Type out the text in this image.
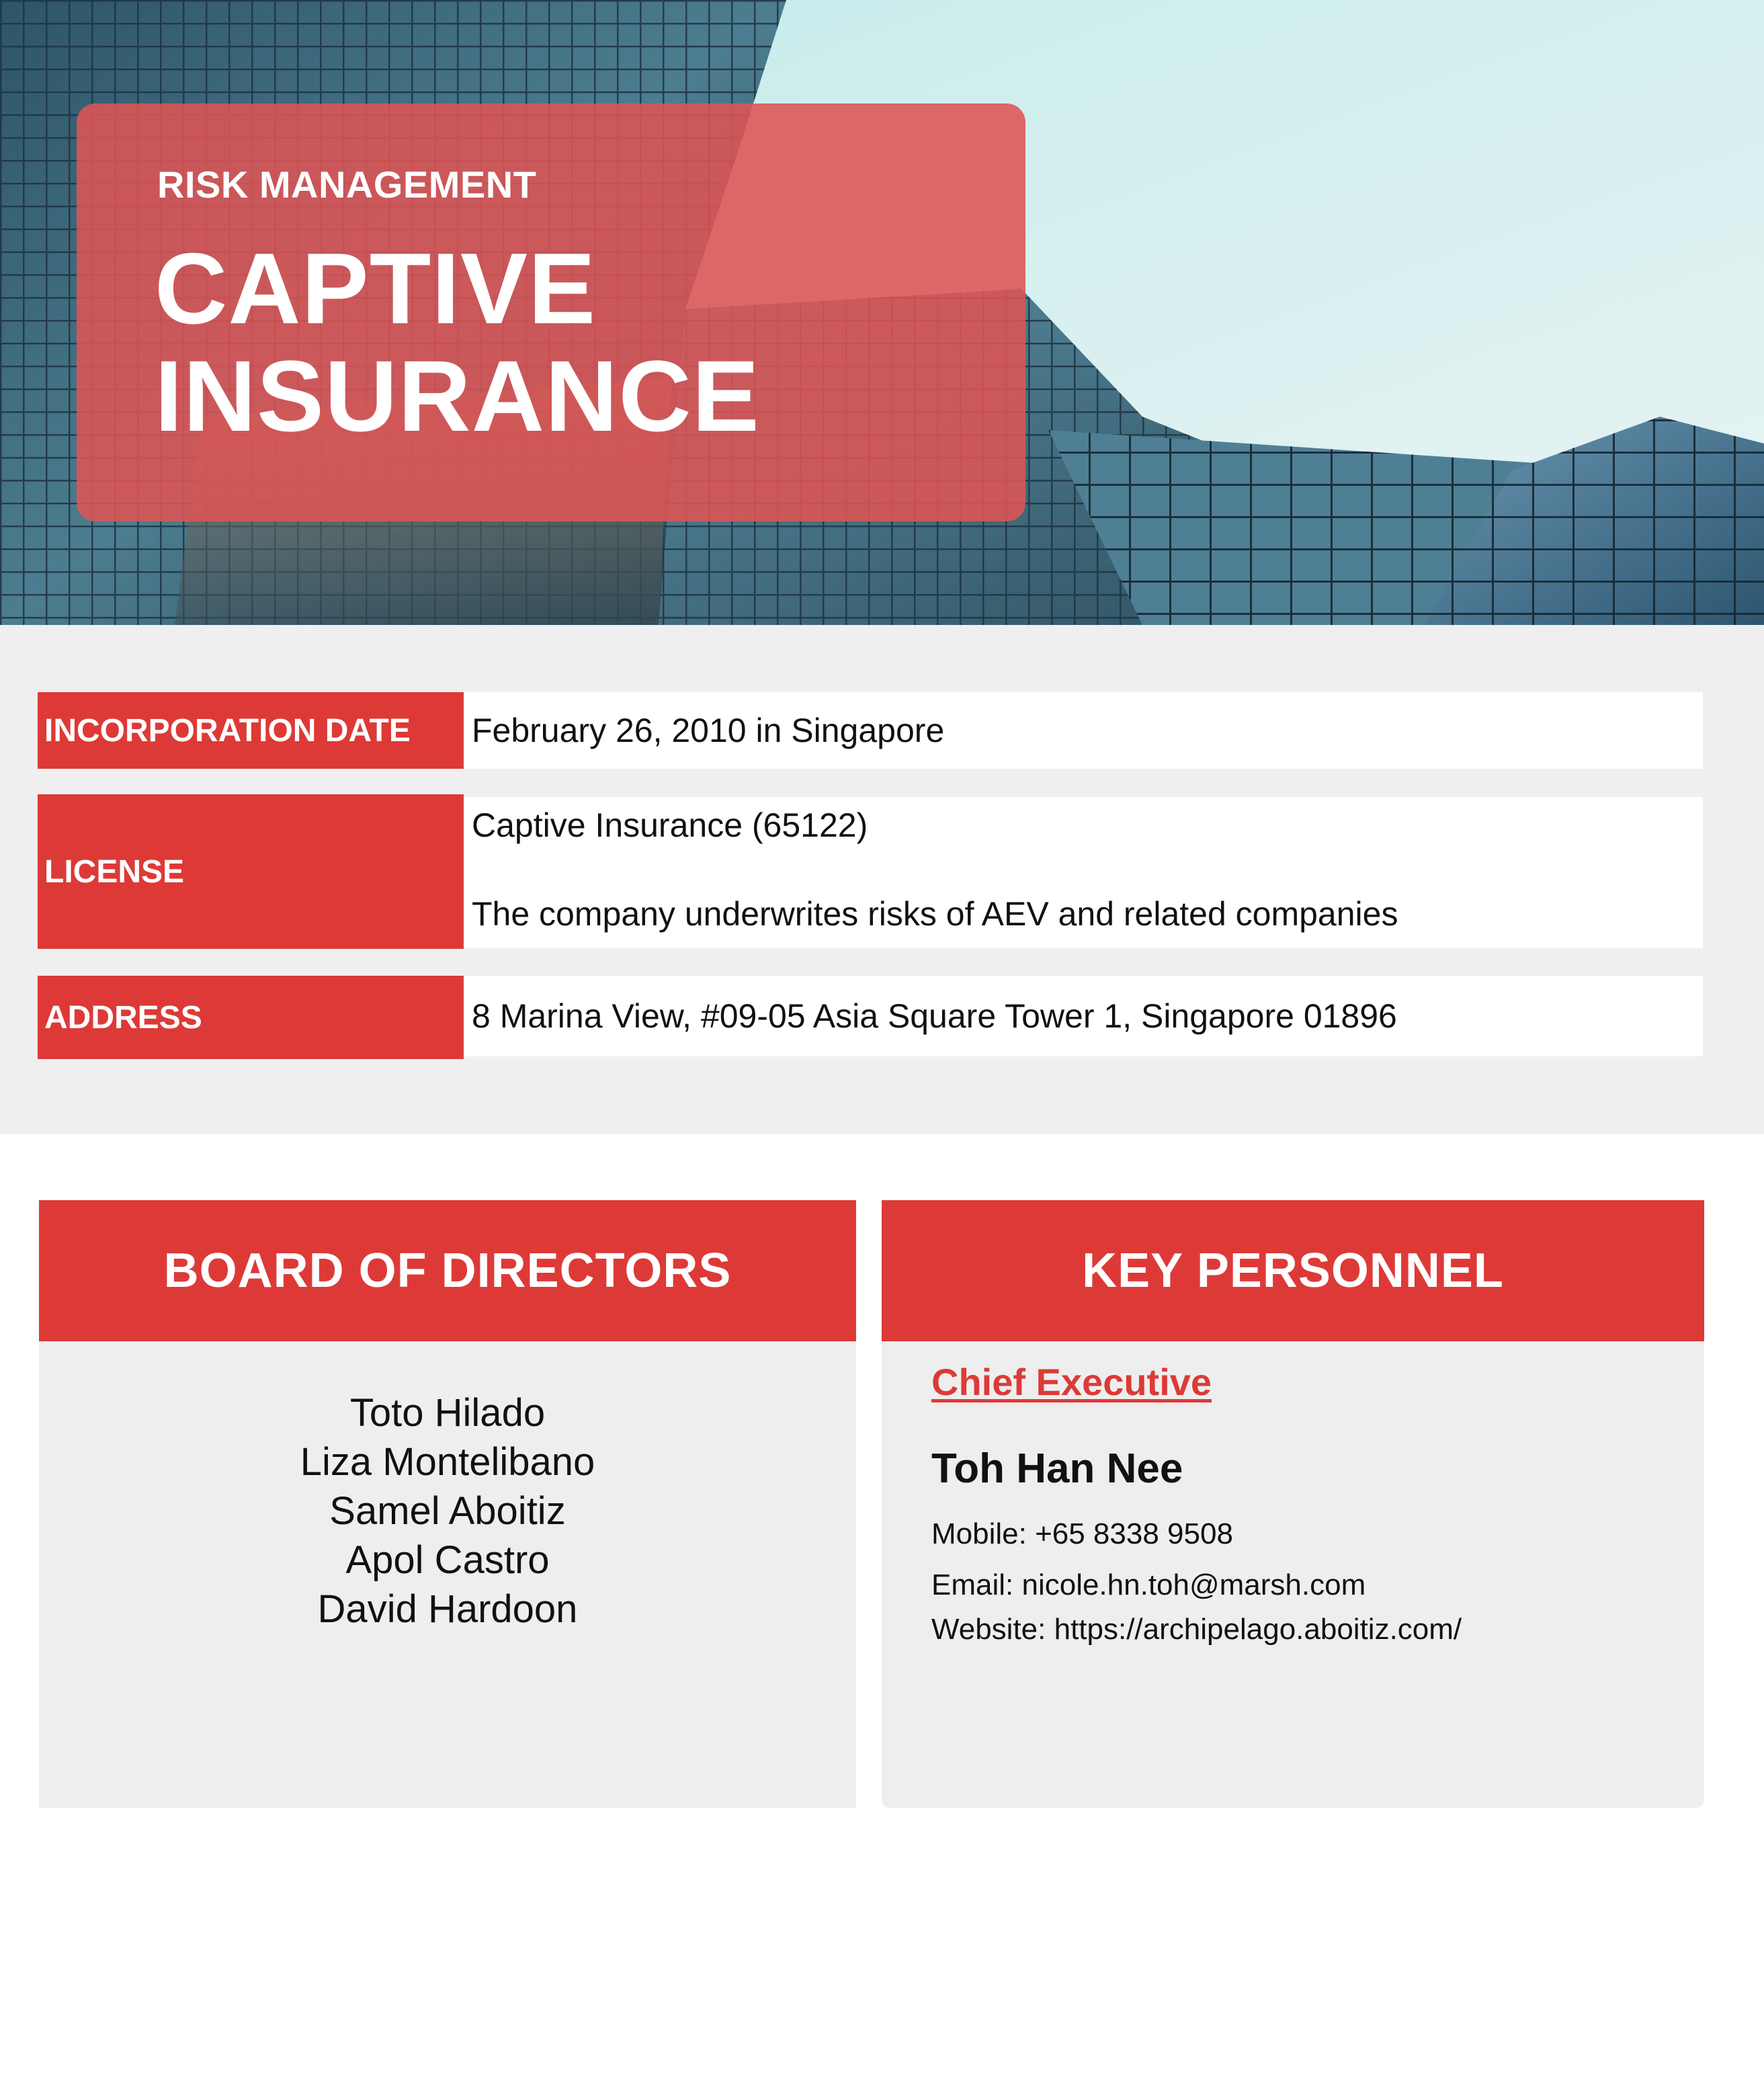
RISK MANAGEMENT
CAPTIVE
INSURANCE
INCORPORATION DATE	February 26, 2010 in Singapore
LICENSE

Captive Insurance (65122)

The company underwrites risks of AEV and related companies

ADDRESS	8 Marina View, #09-05 Asia Square Tower 1, Singapore 01896
BOARD OF DIRECTORS
Toto Hilado
Liza Montelibano
Samel Aboitiz
Apol Castro
David Hardoon
KEY PERSONNEL
Chief Executive
Toh Han Nee
Mobile: +65 8338 9508
Email: nicole.hn.toh@marsh.com
Website: https://archipelago.aboitiz.com/
